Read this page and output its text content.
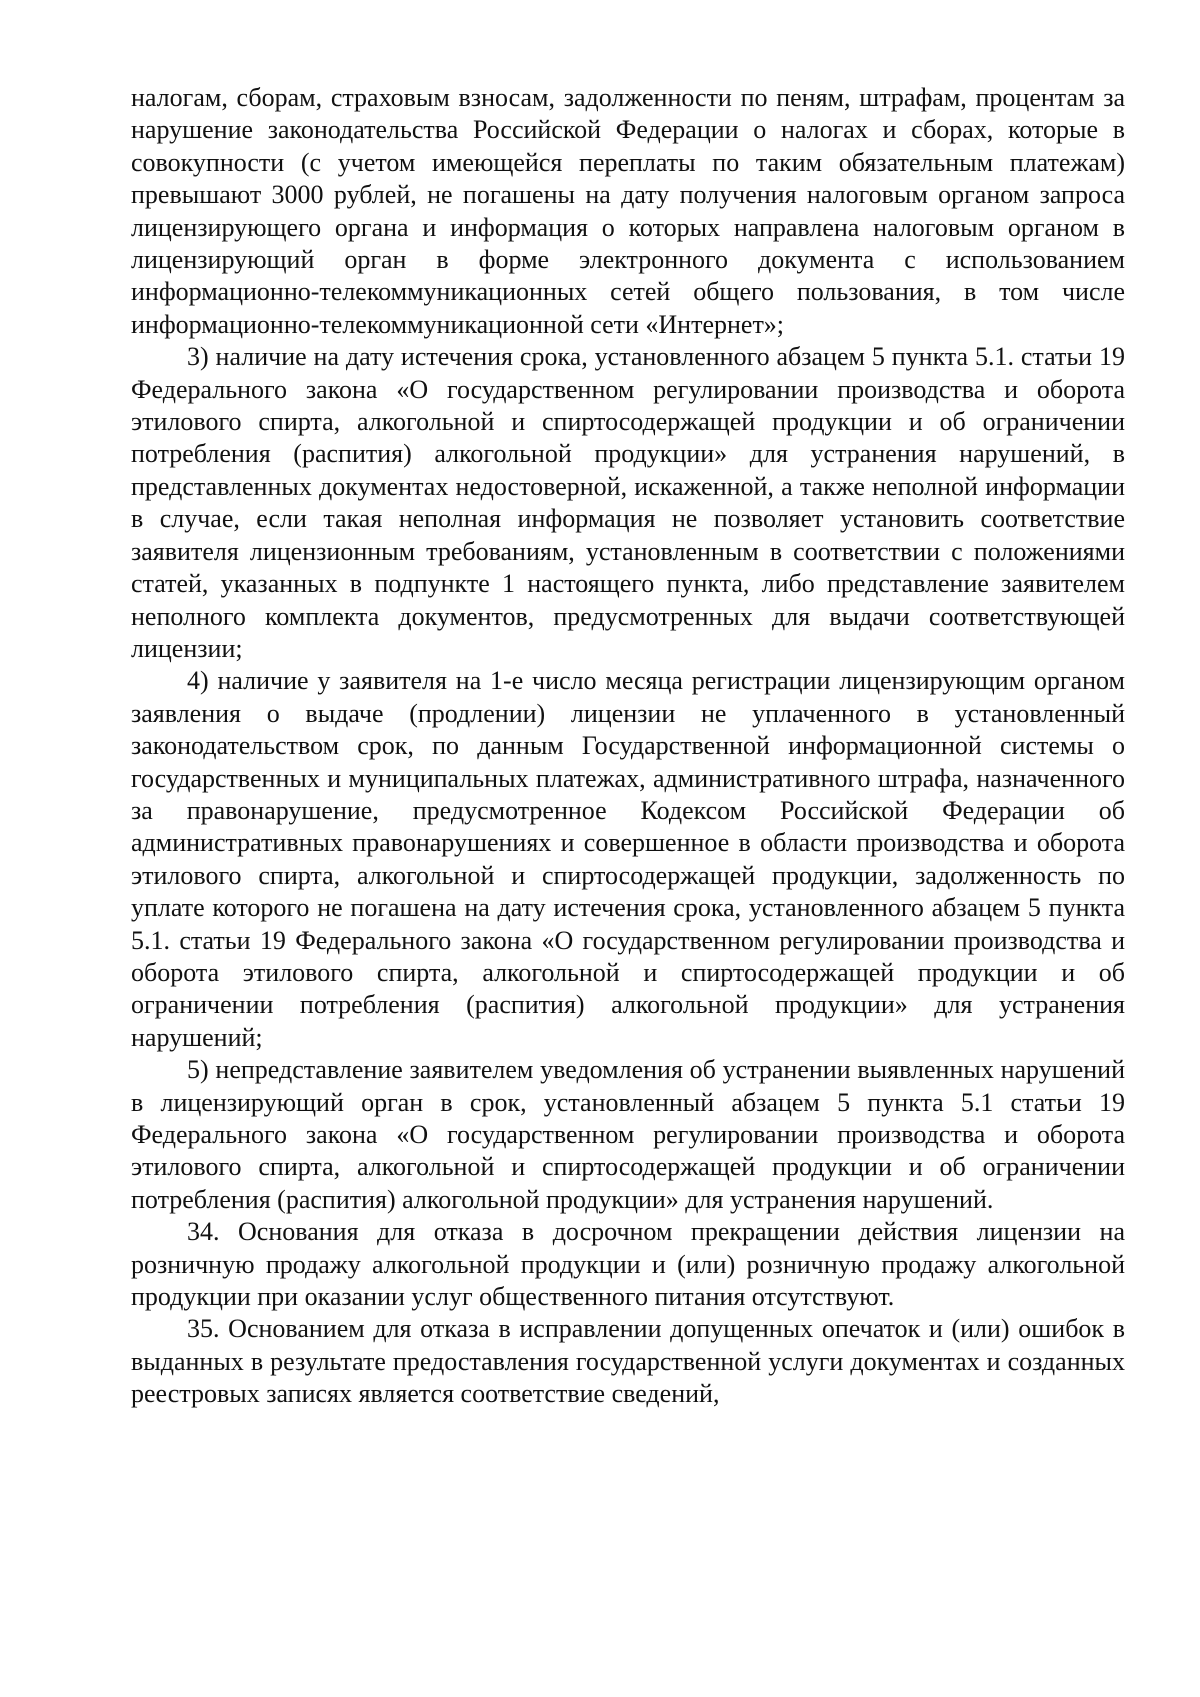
налогам, сборам, страховым взносам, задолженности по пеням, штрафам, процентам за нарушение законодательства Российской Федерации о налогах и сборах, которые в совокупности (с учетом имеющейся переплаты по таким обязательным платежам) превышают 3000 рублей, не погашены на дату получения налоговым органом запроса лицензирующего органа и информация о которых направлена налоговым органом в лицензирующий орган в форме электронного документа с использованием информационно-телекоммуникационных сетей общего пользования, в том числе информационно-телекоммуникационной сети «Интернет»;

3) наличие на дату истечения срока, установленного абзацем 5 пункта 5.1. статьи 19 Федерального закона «О государственном регулировании производства и оборота этилового спирта, алкогольной и спиртосодержащей продукции и об ограничении потребления (распития) алкогольной продукции» для устранения нарушений, в представленных документах недостоверной, искаженной, а также неполной информации в случае, если такая неполная информация не позволяет установить соответствие заявителя лицензионным требованиям, установленным в соответствии с положениями статей, указанных в подпункте 1 настоящего пункта, либо представление заявителем неполного комплекта документов, предусмотренных для выдачи соответствующей лицензии;

4) наличие у заявителя на 1-е число месяца регистрации лицензирующим органом заявления о выдаче (продлении) лицензии не уплаченного в установленный законодательством срок, по данным Государственной информационной системы о государственных и муниципальных платежах, административного штрафа, назначенного за правонарушение, предусмотренное Кодексом Российской Федерации об административных правонарушениях и совершенное в области производства и оборота этилового спирта, алкогольной и спиртосодержащей продукции, задолженность по уплате которого не погашена на дату истечения срока, установленного абзацем 5 пункта 5.1. статьи 19 Федерального закона «О государственном регулировании производства и оборота этилового спирта, алкогольной и спиртосодержащей продукции и об ограничении потребления (распития) алкогольной продукции» для устранения нарушений;

5) непредставление заявителем уведомления об устранении выявленных нарушений в лицензирующий орган в срок, установленный абзацем 5 пункта 5.1 статьи 19 Федерального закона «О государственном регулировании производства и оборота этилового спирта, алкогольной и спиртосодержащей продукции и об ограничении потребления (распития) алкогольной продукции» для устранения нарушений.

34. Основания для отказа в досрочном прекращении действия лицензии на розничную продажу алкогольной продукции и (или) розничную продажу алкогольной продукции при оказании услуг общественного питания отсутствуют.

35. Основанием для отказа в исправлении допущенных опечаток и (или) ошибок в выданных в результате предоставления государственной услуги документах и созданных реестровых записях является соответствие сведений,
